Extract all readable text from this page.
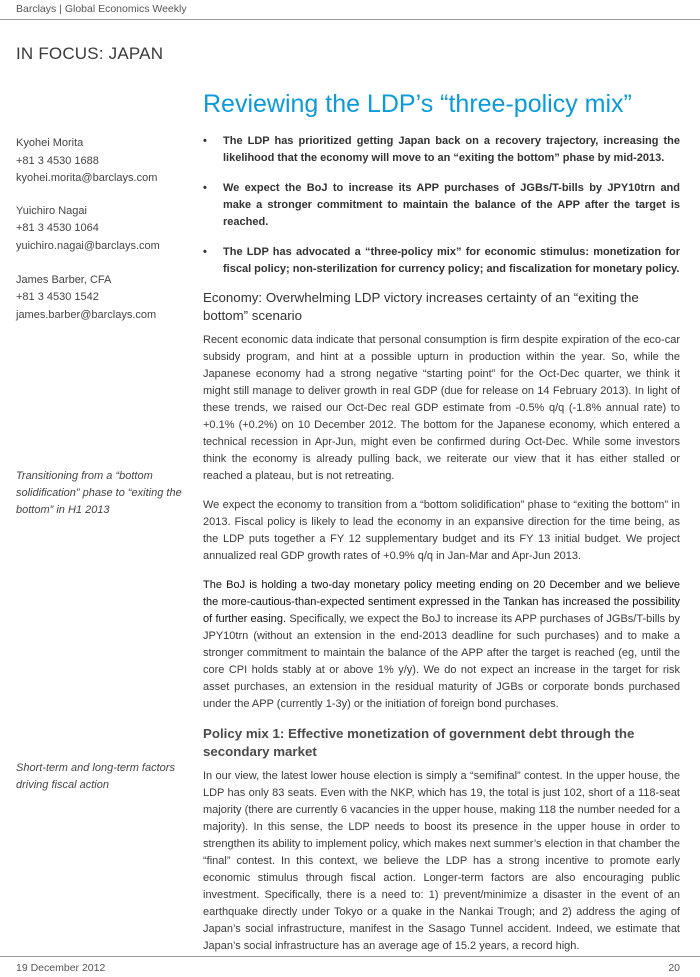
Barclays | Global Economics Weekly
IN FOCUS: JAPAN
Reviewing the LDP’s “three-policy mix”
Kyohei Morita
+81 3 4530 1688
kyohei.morita@barclays.com
Yuichiro Nagai
+81 3 4530 1064
yuichiro.nagai@barclays.com
James Barber, CFA
+81 3 4530 1542
james.barber@barclays.com
Transitioning from a “bottom solidification” phase to “exiting the bottom” in H1 2013
Short-term and long-term factors driving fiscal action
• The LDP has prioritized getting Japan back on a recovery trajectory, increasing the likelihood that the economy will move to an “exiting the bottom” phase by mid-2013.
• We expect the BoJ to increase its APP purchases of JGBs/T-bills by JPY10trn and make a stronger commitment to maintain the balance of the APP after the target is reached.
• The LDP has advocated a “three-policy mix” for economic stimulus: monetization for fiscal policy; non-sterilization for currency policy; and fiscalization for monetary policy.
Economy: Overwhelming LDP victory increases certainty of an “exiting the bottom” scenario

Recent economic data indicate that personal consumption is firm despite expiration of the eco-car subsidy program, and hint at a possible upturn in production within the year. So, while the Japanese economy had a strong negative “starting point” for the Oct-Dec quarter, we think it might still manage to deliver growth in real GDP (due for release on 14 February 2013). In light of these trends, we raised our Oct-Dec real GDP estimate from -0.5% q/q (-1.8% annual rate) to +0.1% (+0.2%) on 10 December 2012. The bottom for the Japanese economy, which entered a technical recession in Apr-Jun, might even be confirmed during Oct-Dec. While some investors think the economy is already pulling back, we reiterate our view that it has either stalled or reached a plateau, but is not retreating.

We expect the economy to transition from a “bottom solidification” phase to “exiting the bottom” in 2013. Fiscal policy is likely to lead the economy in an expansive direction for the time being, as the LDP puts together a FY 12 supplementary budget and its FY 13 initial budget. We project annualized real GDP growth rates of +0.9% q/q in Jan-Mar and Apr-Jun 2013.

The BoJ is holding a two-day monetary policy meeting ending on 20 December and we believe the more-cautious-than-expected sentiment expressed in the Tankan has increased the possibility of further easing. Specifically, we expect the BoJ to increase its APP purchases of JGBs/T-bills by JPY10trn (without an extension in the end-2013 deadline for such purchases) and to make a stronger commitment to maintain the balance of the APP after the target is reached (eg, until the core CPI holds stably at or above 1% y/y). We do not expect an increase in the target for risk asset purchases, an extension in the residual maturity of JGBs or corporate bonds purchased under the APP (currently 1-3y) or the initiation of foreign bond purchases.

Policy mix 1: Effective monetization of government debt through the secondary market

In our view, the latest lower house election is simply a “semifinal” contest. In the upper house, the LDP has only 83 seats. Even with the NKP, which has 19, the total is just 102, short of a 118-seat majority (there are currently 6 vacancies in the upper house, making 118 the number needed for a majority). In this sense, the LDP needs to boost its presence in the upper house in order to strengthen its ability to implement policy, which makes next summer’s election in that chamber the “final” contest. In this context, we believe the LDP has a strong incentive to promote early economic stimulus through fiscal action. Longer-term factors are also encouraging public investment. Specifically, there is a need to: 1) prevent/minimize a disaster in the event of an earthquake directly under Tokyo or a quake in the Nankai Trough; and 2) address the aging of Japan’s social infrastructure, manifest in the Sasago Tunnel accident. Indeed, we estimate that Japan’s social infrastructure has an average age of 15.2 years, a record high.

19 December 2012	20
